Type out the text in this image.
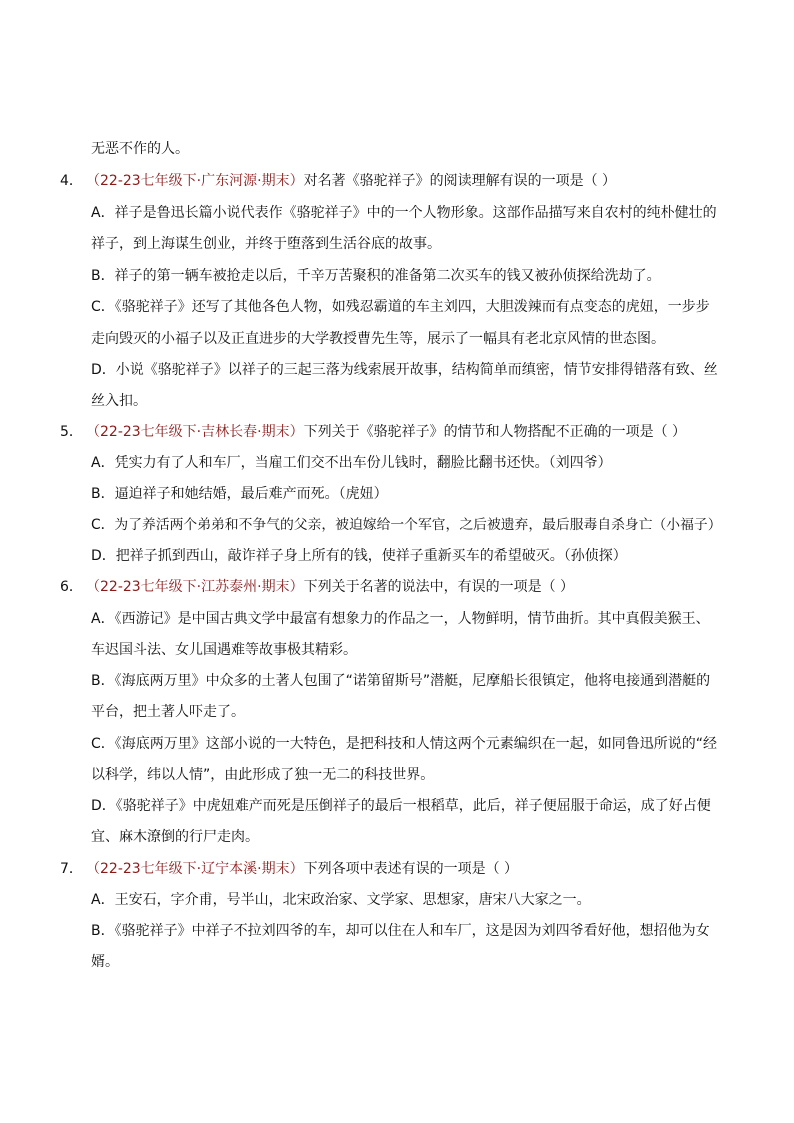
无恶不作的人。
4． （22-23七年级下·广东河源·期末）对名著《骆驼祥子》的阅读理解有误的一项是（ ）
A．祥子是鲁迅长篇小说代表作《骆驼祥子》中的一个人物形象。这部作品描写来自农村的纯朴健壮的
祥子，到上海谋生创业，并终于堕落到生活谷底的故事。
B．祥子的第一辆车被抢走以后，千辛万苦聚积的准备第二次买车的钱又被孙侦探给洗劫了。
C．《骆驼祥子》还写了其他各色人物，如残忍霸道的车主刘四，大胆泼辣而有点变态的虎妞，一步步
走向毁灭的小福子以及正直进步的大学教授曹先生等，展示了一幅具有老北京风情的世态图。
D．小说《骆驼祥子》以祥子的三起三落为线索展开故事，结构简单而缜密，情节安排得错落有致、丝
丝入扣。
5． （22-23七年级下·吉林长春·期末）下列关于《骆驼祥子》的情节和人物搭配不正确的一项是（ ）
A．凭实力有了人和车厂，当雇工们交不出车份儿钱时，翻脸比翻书还快。（刘四爷）
B．逼迫祥子和她结婚，最后难产而死。（虎妞）
C．为了养活两个弟弟和不争气的父亲，被迫嫁给一个军官，之后被遗弃，最后服毒自杀身亡（小福子）
D．把祥子抓到西山，敲诈祥子身上所有的钱，使祥子重新买车的希望破灭。（孙侦探）
6． （22-23七年级下·江苏泰州·期末）下列关于名著的说法中，有误的一项是（ ）
A．《西游记》是中国古典文学中最富有想象力的作品之一，人物鲜明，情节曲折。其中真假美猴王、
车迟国斗法、女儿国遇难等故事极其精彩。
B．《海底两万里》中众多的土著人包围了“诺第留斯号”潜艇，尼摩船长很镇定，他将电接通到潜艇的
平台，把土著人吓走了。
C．《海底两万里》这部小说的一大特色，是把科技和人情这两个元素编织在一起，如同鲁迅所说的“经
以科学，纬以人情”，由此形成了独一无二的科技世界。
D．《骆驼祥子》中虎妞难产而死是压倒祥子的最后一根稻草，此后，祥子便屈服于命运，成了好占便
宜、麻木潦倒的行尸走肉。
7． （22-23七年级下·辽宁本溪·期末）下列各项中表述有误的一项是（ ）
A．王安石，字介甫，号半山，北宋政治家、文学家、思想家，唐宋八大家之一。
B．《骆驼祥子》中祥子不拉刘四爷的车，却可以住在人和车厂，这是因为刘四爷看好他，想招他为女
婿。
